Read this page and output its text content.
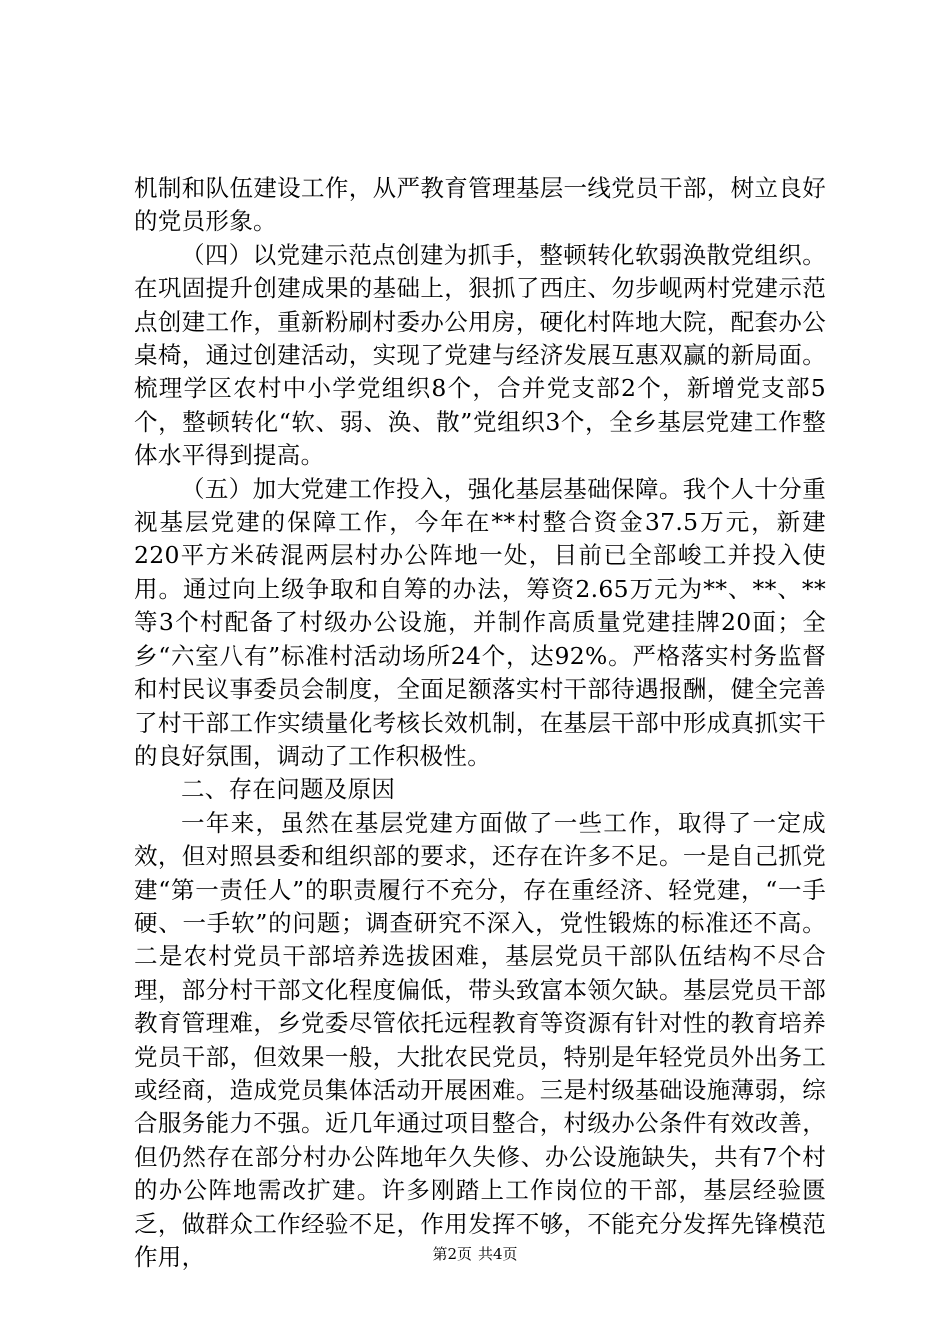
机制和队伍建设工作，从严教育管理基层一线党员干部，树立良好的党员形象。

（四）以党建示范点创建为抓手，整顿转化软弱涣散党组织。在巩固提升创建成果的基础上，狠抓了西庄、勿步岘两村党建示范点创建工作，重新粉刷村委办公用房，硬化村阵地大院，配套办公桌椅，通过创建活动，实现了党建与经济发展互惠双赢的新局面。梳理学区农村中小学党组织8个，合并党支部2个，新增党支部5个，整顿转化“软、弱、涣、散”党组织3个，全乡基层党建工作整体水平得到提高。

（五）加大党建工作投入，强化基层基础保障。我个人十分重视基层党建的保障工作，今年在**村整合资金37.5万元，新建220平方米砖混两层村办公阵地一处，目前已全部峻工并投入使用。通过向上级争取和自筹的办法，筹资2.65万元为**、**、**等3个村配备了村级办公设施，并制作高质量党建挂牌20面；全乡“六室八有”标准村活动场所24个，达92%。严格落实村务监督和村民议事委员会制度，全面足额落实村干部待遇报酬，健全完善了村干部工作实绩量化考核长效机制，在基层干部中形成真抓实干的良好氛围，调动了工作积极性。

二、存在问题及原因

一年来，虽然在基层党建方面做了一些工作，取得了一定成效，但对照县委和组织部的要求，还存在许多不足。一是自己抓党建“第一责任人”的职责履行不充分，存在重经济、轻党建，“一手硬、一手软”的问题；调查研究不深入，党性锻炼的标准还不高。二是农村党员干部培养选拔困难，基层党员干部队伍结构不尽合理，部分村干部文化程度偏低，带头致富本领欠缺。基层党员干部教育管理难，乡党委尽管依托远程教育等资源有针对性的教育培养党员干部，但效果一般，大批农民党员，特别是年轻党员外出务工或经商，造成党员集体活动开展困难。三是村级基础设施薄弱，综合服务能力不强。近几年通过项目整合，村级办公条件有效改善，但仍然存在部分村办公阵地年久失修、办公设施缺失，共有7个村的办公阵地需改扩建。许多刚踏上工作岗位的干部，基层经验匮乏，做群众工作经验不足，作用发挥不够，不能充分发挥先锋模范作用，	第2页 共4页
